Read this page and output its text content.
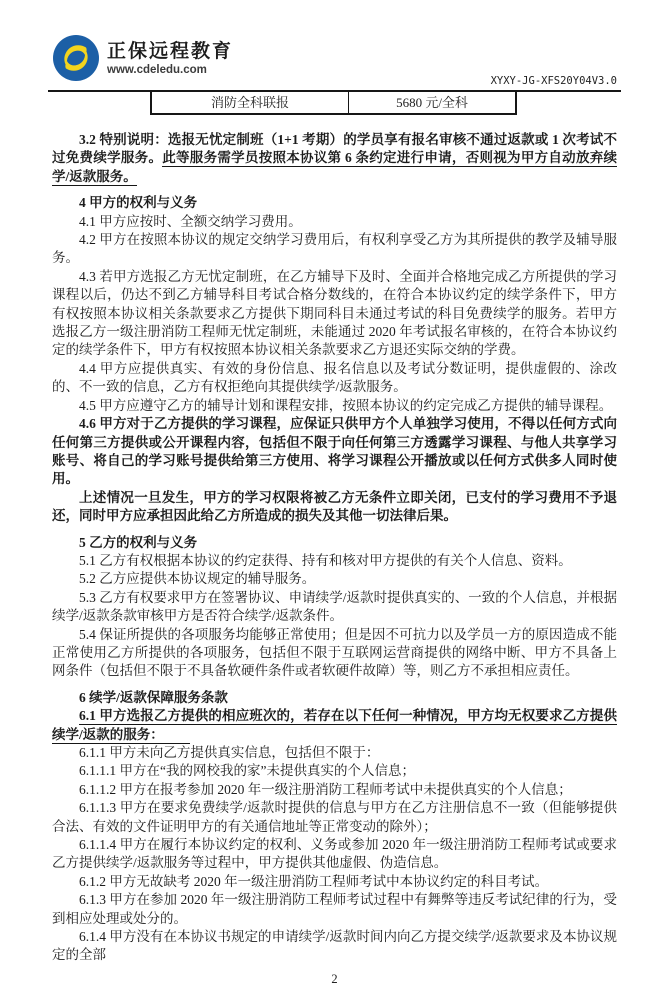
正保远程教育
www.cdeledu.com
XYXY-JG-XFS20Y04V3.0
消防全科联报	5680 元/全科

3.2 特别说明：选报无忧定制班（1+1 考期）的学员享有报名审核不通过返款或 1 次考试不过免费续学服务。此等服务需学员按照本协议第 6 条约定进行申请，否则视为甲方自动放弃续学/返款服务。

4 甲方的权利与义务

4.1 甲方应按时、全额交纳学习费用。

4.2 甲方在按照本协议的规定交纳学习费用后，有权利享受乙方为其所提供的教学及辅导服务。

4.3 若甲方选报乙方无忧定制班，在乙方辅导下及时、全面并合格地完成乙方所提供的学习课程以后，仍达不到乙方辅导科目考试合格分数线的，在符合本协议约定的续学条件下，甲方有权按照本协议相关条款要求乙方提供下期同科目未通过考试的科目免费续学的服务。若甲方选报乙方一级注册消防工程师无忧定制班，未能通过 2020 年考试报名审核的，在符合本协议约定的续学条件下，甲方有权按照本协议相关条款要求乙方退还实际交纳的学费。

4.4 甲方应提供真实、有效的身份信息、报名信息以及考试分数证明，提供虚假的、涂改的、不一致的信息，乙方有权拒绝向其提供续学/返款服务。

4.5 甲方应遵守乙方的辅导计划和课程安排，按照本协议的约定完成乙方提供的辅导课程。

4.6 甲方对于乙方提供的学习课程，应保证只供甲方个人单独学习使用，不得以任何方式向任何第三方提供或公开课程内容，包括但不限于向任何第三方透露学习课程、与他人共享学习账号、将自己的学习账号提供给第三方使用、将学习课程公开播放或以任何方式供多人同时使用。

上述情况一旦发生，甲方的学习权限将被乙方无条件立即关闭，已支付的学习费用不予退还，同时甲方应承担因此给乙方所造成的损失及其他一切法律后果。

5 乙方的权利与义务

5.1 乙方有权根据本协议的约定获得、持有和核对甲方提供的有关个人信息、资料。

5.2 乙方应提供本协议规定的辅导服务。

5.3 乙方有权要求甲方在签署协议、申请续学/返款时提供真实的、一致的个人信息，并根据续学/返款条款审核甲方是否符合续学/返款条件。

5.4 保证所提供的各项服务均能够正常使用；但是因不可抗力以及学员一方的原因造成不能正常使用乙方所提供的各项服务，包括但不限于互联网运营商提供的网络中断、甲方不具备上网条件（包括但不限于不具备软硬件条件或者软硬件故障）等，则乙方不承担相应责任。

6 续学/返款保障服务条款

6.1 甲方选报乙方提供的相应班次的，若存在以下任何一种情况，甲方均无权要求乙方提供续学/返款的服务：

6.1.1 甲方未向乙方提供真实信息，包括但不限于：

6.1.1.1 甲方在“我的网校我的家”未提供真实的个人信息；

6.1.1.2 甲方在报考参加 2020 年一级注册消防工程师考试中未提供真实的个人信息；

6.1.1.3 甲方在要求免费续学/返款时提供的信息与甲方在乙方注册信息不一致（但能够提供合法、有效的文件证明甲方的有关通信地址等正常变动的除外）；

6.1.1.4 甲方在履行本协议约定的权利、义务或参加 2020 年一级注册消防工程师考试或要求乙方提供续学/返款服务等过程中，甲方提供其他虚假、伪造信息。

6.1.2 甲方无故缺考 2020 年一级注册消防工程师考试中本协议约定的科目考试。

6.1.3 甲方在参加 2020 年一级注册消防工程师考试过程中有舞弊等违反考试纪律的行为，受到相应处理或处分的。

6.1.4 甲方没有在本协议书规定的申请续学/返款时间内向乙方提交续学/返款要求及本协议规定的全部

2
